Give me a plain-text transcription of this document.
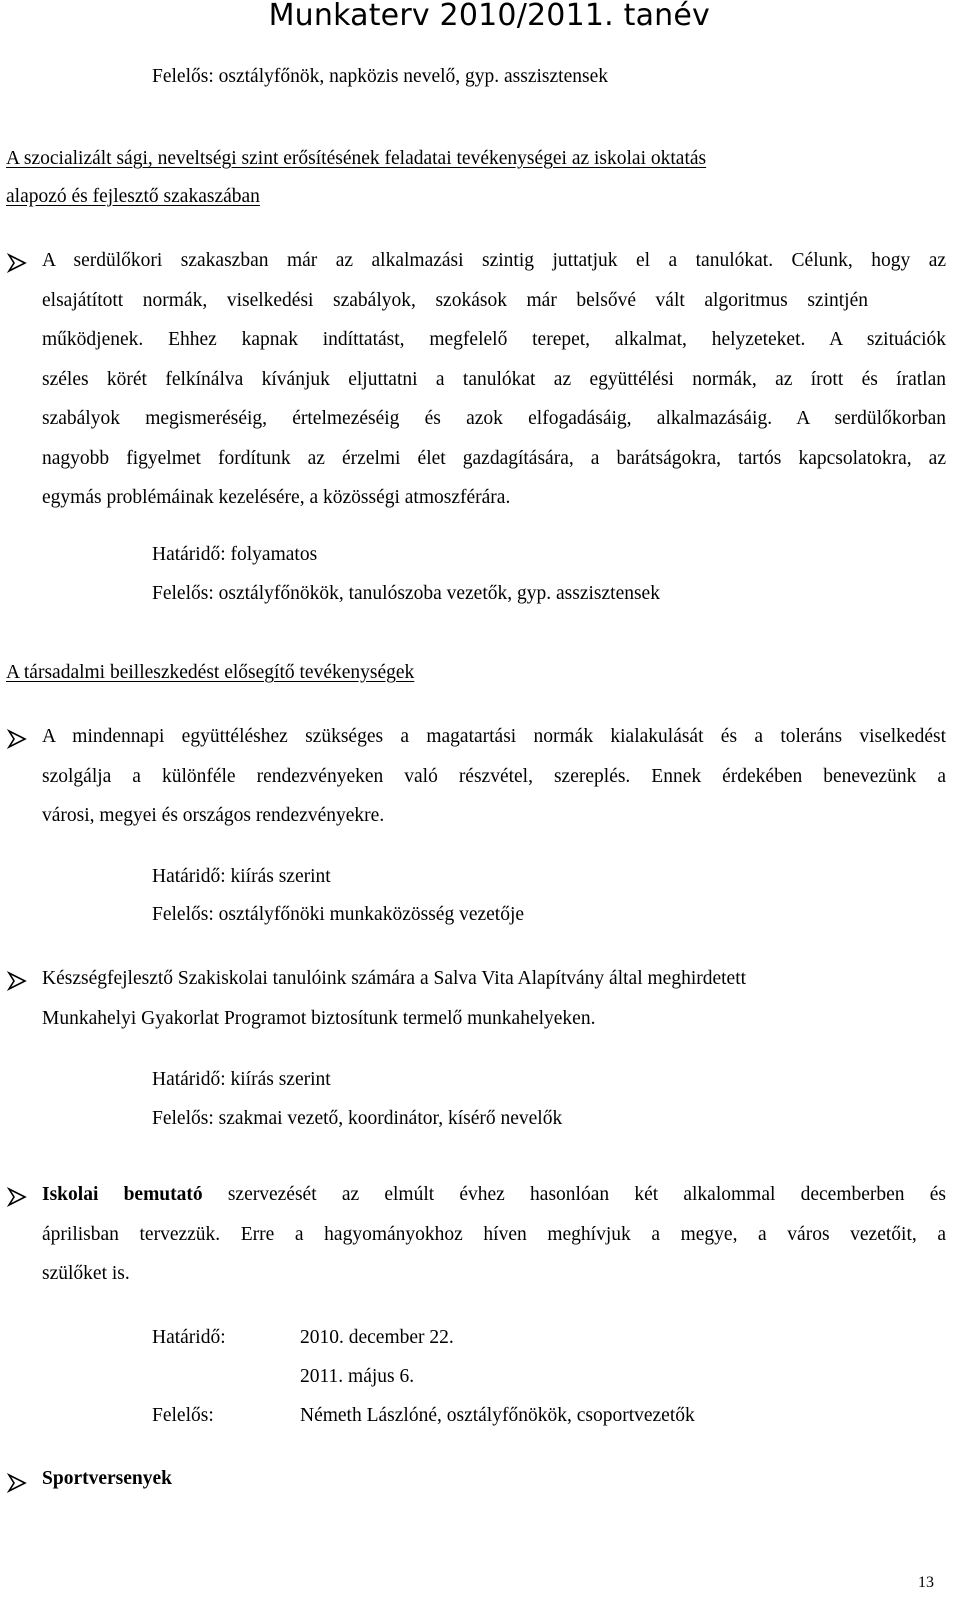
Munkaterv 2010/2011. tanév
Felelős: osztályfőnök, napközis nevelő, gyp. asszisztensek
A szocializált sági, neveltségi szint erősítésének feladatai tevékenységei az iskolai oktatás
alapozó és fejlesztő szakaszában
A serdülőkori szakaszban már az alkalmazási szintig juttatjuk el a tanulókat. Célunk, hogy az
elsajátított normák, viselkedési szabályok, szokások már belsővé vált algoritmus szintjén
működjenek. Ehhez kapnak indíttatást, megfelelő terepet, alkalmat, helyzeteket. A szituációk
széles körét felkínálva kívánjuk eljuttatni a tanulókat az együttélési normák, az írott és íratlan
szabályok megismeréséig, értelmezéséig és azok elfogadásáig, alkalmazásáig. A serdülőkorban
nagyobb figyelmet fordítunk az érzelmi élet gazdagítására, a barátságokra, tartós kapcsolatokra, az
egymás problémáinak kezelésére, a közösségi atmoszférára.
Határidő: folyamatos
Felelős: osztályfőnökök, tanulószoba vezetők, gyp. asszisztensek
A társadalmi beilleszkedést elősegítő tevékenységek
A mindennapi együttéléshez szükséges a magatartási normák kialakulását és a toleráns viselkedést
szolgálja a különféle rendezvényeken való részvétel, szereplés. Ennek érdekében benevezünk a
városi, megyei és országos rendezvényekre.
Határidő: kiírás szerint
Felelős: osztályfőnöki munkaközösség vezetője
Készségfejlesztő Szakiskolai tanulóink számára a Salva Vita Alapítvány által meghirdetett
Munkahelyi Gyakorlat Programot biztosítunk termelő munkahelyeken.
Határidő: kiírás szerint
Felelős: szakmai vezető, koordinátor, kísérő nevelők
Iskolai bemutató szervezését az elmúlt évhez hasonlóan két alkalommal decemberben és
áprilisban tervezzük. Erre a hagyományokhoz híven meghívjuk a megye, a város vezetőit, a
szülőket is.
Határidő:	2010. december 22.
2011. május 6.
Felelős:	Németh Lászlóné, osztályfőnökök, csoportvezetők
Sportversenyek
13
